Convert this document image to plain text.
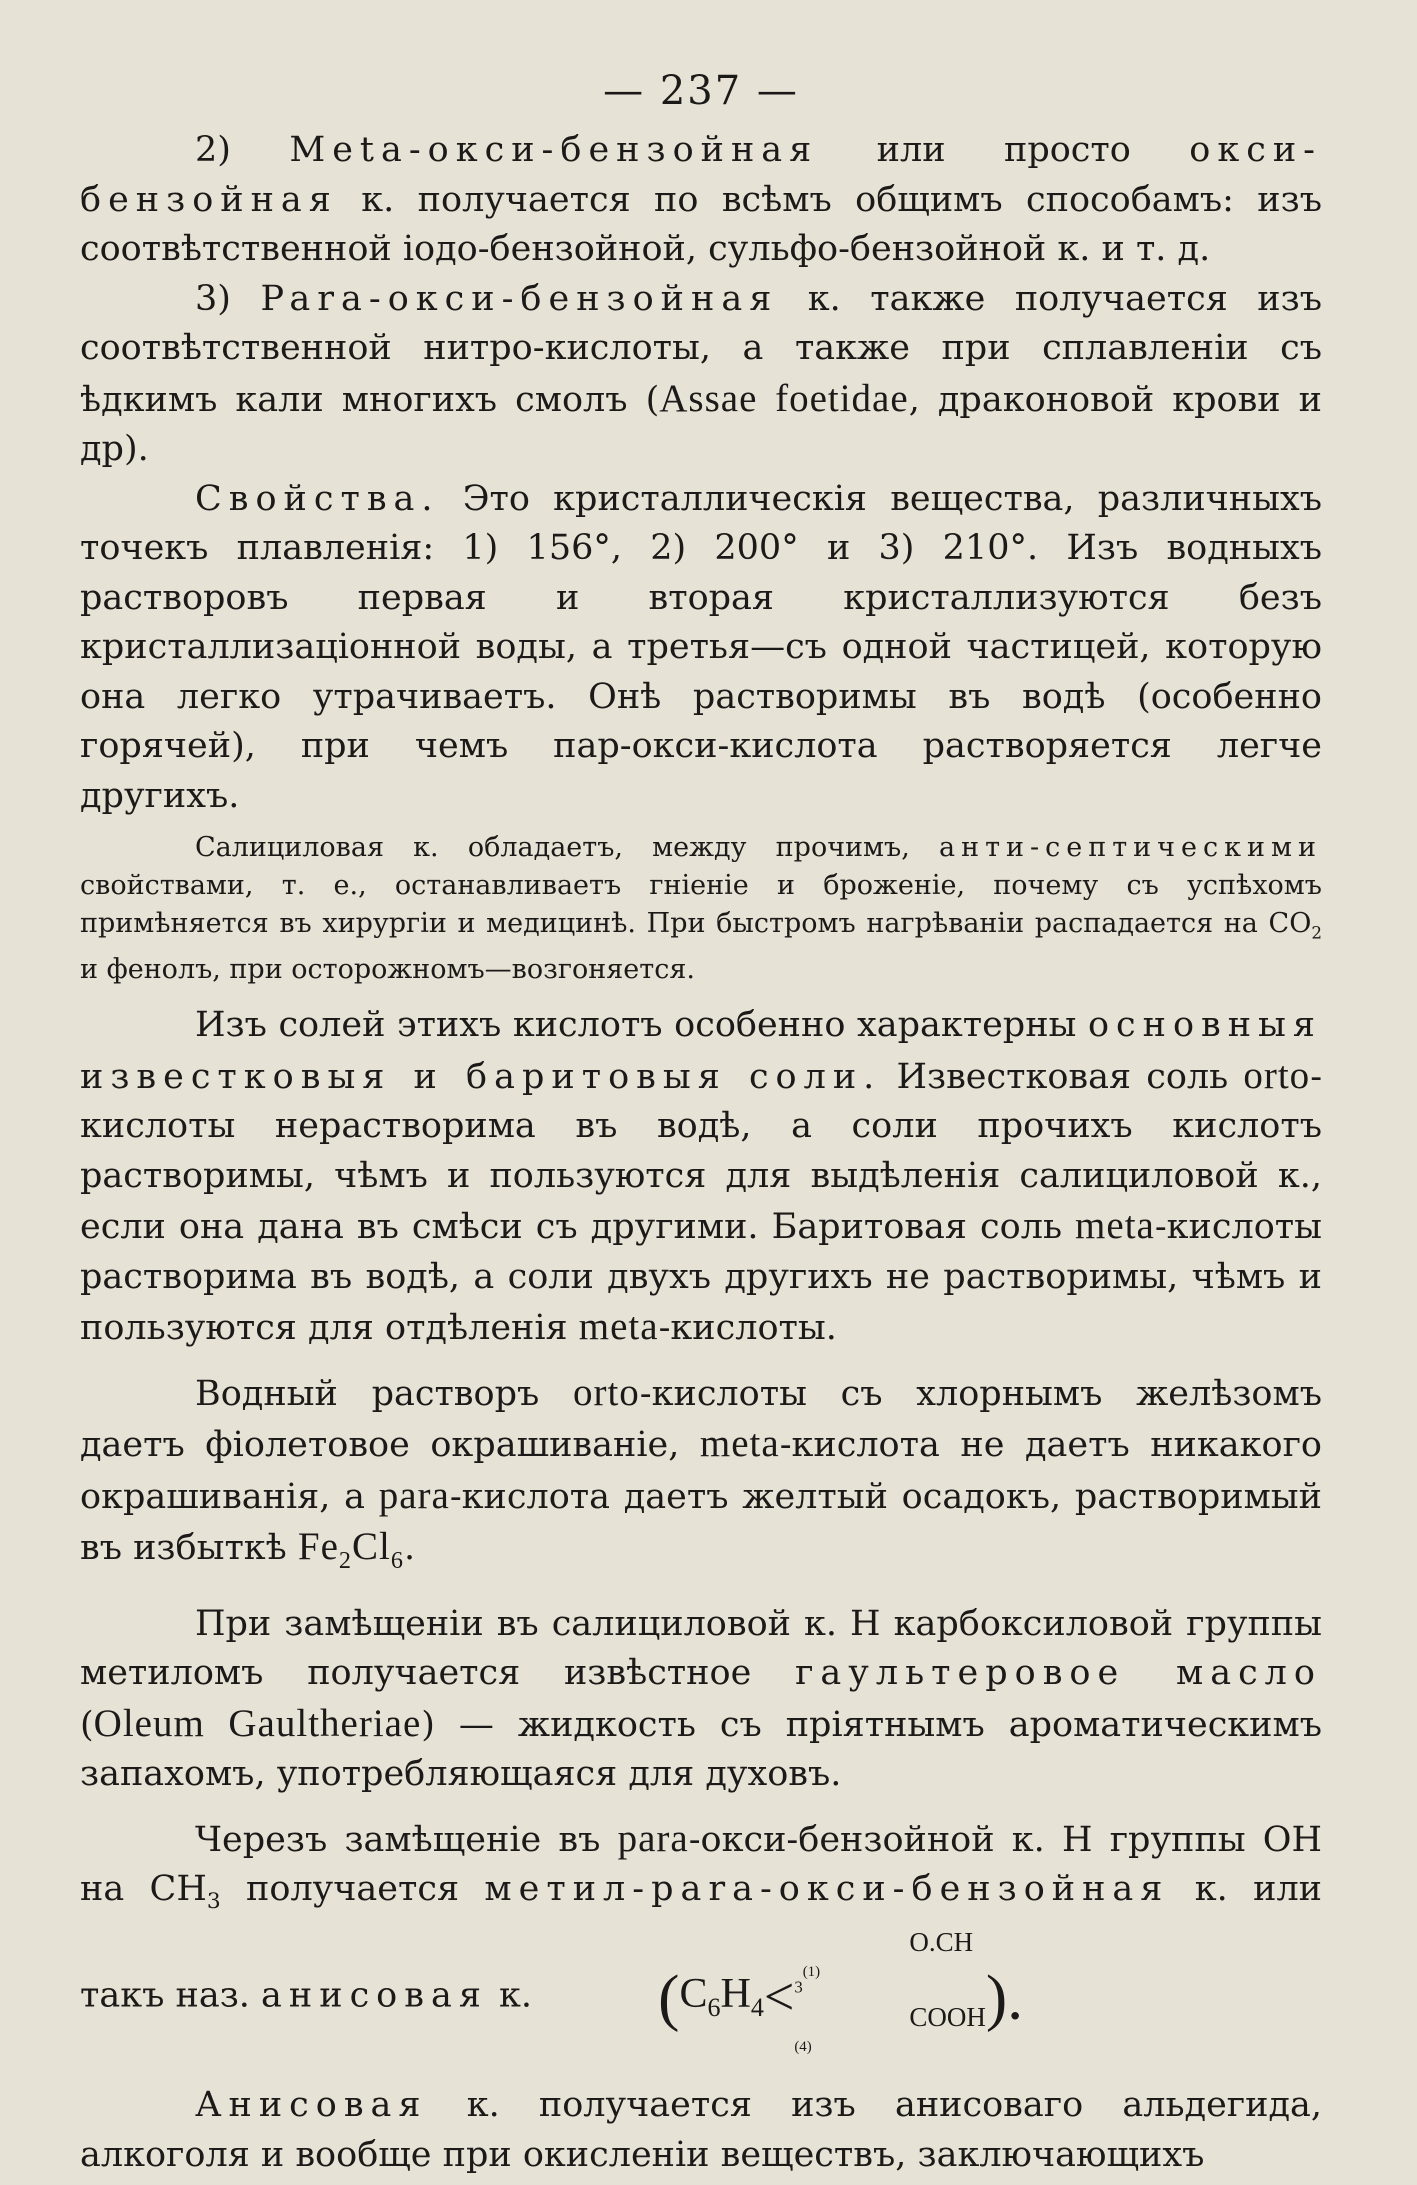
— 237 —

2) Meta-окси-бензойная или просто окси-бензойная к. получается по всѣмъ общимъ способамъ: изъ соотвѣтственной іодо-бензойной, сульфо-бензойной к. и т. д.

3) Para-окси-бензойная к. также получается изъ соотвѣтственной нитро-кислоты, а также при сплавленіи съ ѣдкимъ кали многихъ смолъ (Assae foetidae, драконовой крови и др).

Свойства. Это кристаллическія вещества, различныхъ точекъ плавленія: 1) 156°, 2) 200° и 3) 210°. Изъ водныхъ растворовъ первая и вторая кристаллизуются безъ кристаллизаціонной воды, а третья—съ одной частицей, которую она легко утрачиваетъ. Онѣ растворимы въ водѣ (особенно горячей), при чемъ пар-окси-кислота растворяется легче другихъ.

Салициловая к. обладаетъ, между прочимъ, анти-септическими свойствами, т. е., останавливаетъ гніеніе и броженіе, почему съ успѣхомъ примѣняется въ хирургіи и медицинѣ. При быстромъ нагрѣваніи распадается на $СО_2$ и фенолъ, при осторожномъ—возгоняется.

Изъ солей этихъ кислотъ особенно характерны основныя известковыя и баритовыя соли. Известковая соль orto-кислоты нерастворима въ водѣ, а соли прочихъ кислотъ растворимы, чѣмъ и пользуются для выдѣленія салициловой к., если она дана въ смѣси съ другими. Баритовая соль meta-кислоты растворима въ водѣ, а соли двухъ другихъ не растворимы, чѣмъ и пользуются для отдѣленія meta-кислоты.

Водный растворъ orto-кислоты съ хлорнымъ желѣзомъ даетъ фіолетовое окрашиваніе, meta-кислота не даетъ никакого окрашиванія, а para-кислота даетъ желтый осадокъ, растворимый въ избыткѣ $Fe_2Cl_6$.

При замѣщеніи въ салициловой к. Н карбоксиловой группы метиломъ получается извѣстное гаультеровое масло (Oleum Gaultheriae) — жидкость съ пріятнымъ ароматическимъ запахомъ, употребляющаяся для духовъ.

Черезъ замѣщеніе въ para-окси-бензойной к. Н группы ОН на $СН_3$ получается метил-para-окси-бензойная к. или такъ наз. анисовая к. ($C_6H_4<$
O.CH
$_3^{(1)}$
COOH
$^{(4)}$
).

Анисовая к. получается изъ анисоваго альдегида, алкоголя и вообще при окисленіи веществъ, заключающихъ
